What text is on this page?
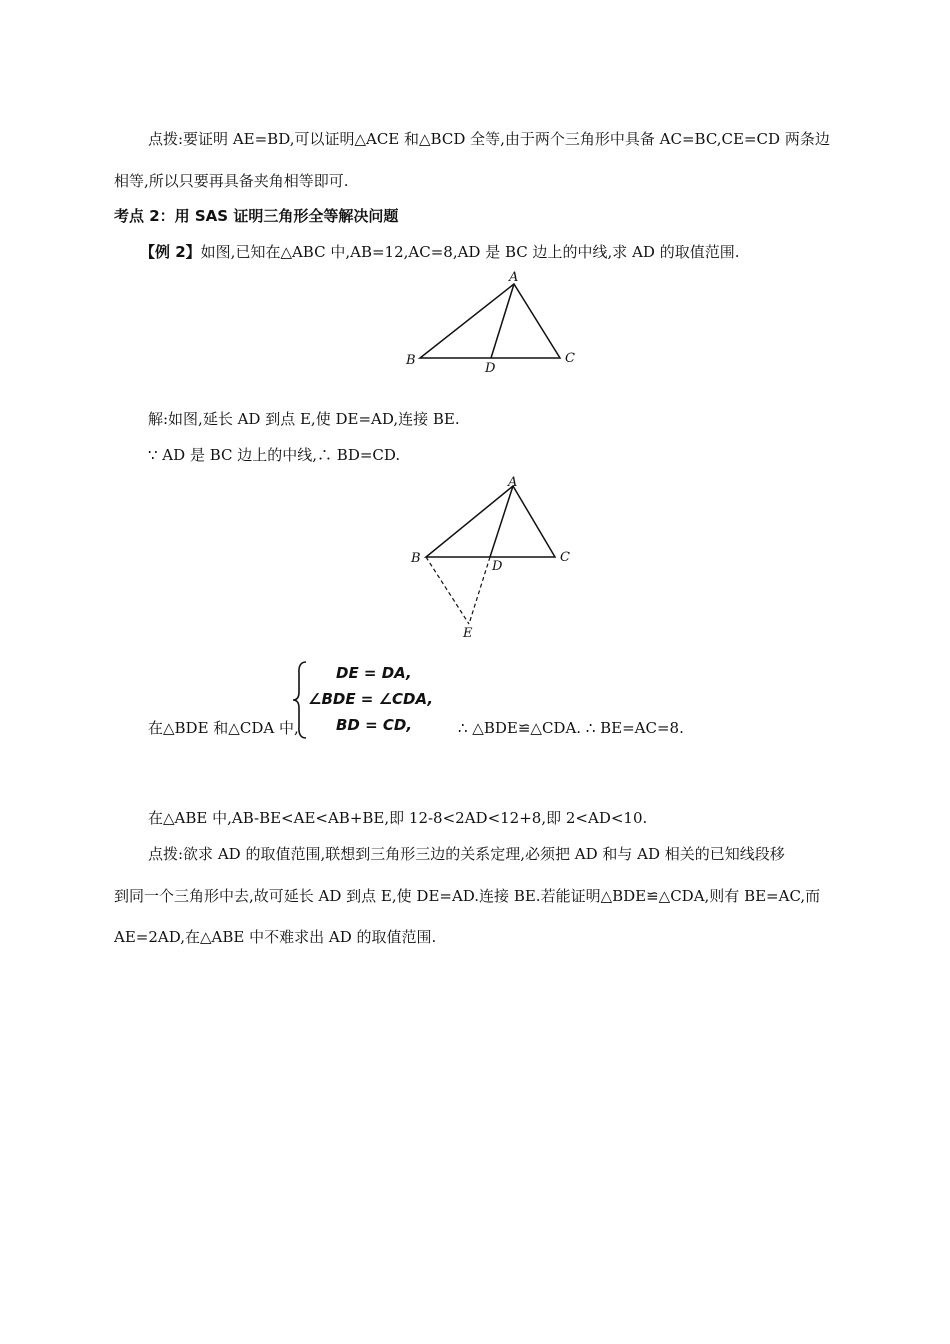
点拨:要证明 AE=BD,可以证明△ACE 和△BCD 全等,由于两个三角形中具备 AC=BC,CE=CD 两条边
相等,所以只要再具备夹角相等即可.
考点 2：用 SAS 证明三角形全等解决问题
【例 2】如图,已知在△ABC 中,AB=12,AC=8,AD 是 BC 边上的中线,求 AD 的取值范围.
A
B	C
D
解:如图,延长 AD 到点 E,使 DE=AD,连接 BE.
∵ AD 是 BC 边上的中线,∴ BD=CD.
A
B	C
D
E
在△BDE 和△CDA 中,
DE = DA,
∠BDE = ∠CDA,
BD = CD,	∴ △BDE≌△CDA. ∴ BE=AC=8.
在△ABE 中,AB-BE<AE<AB+BE,即 12-8<2AD<12+8,即 2<AD<10.
点拨:欲求 AD 的取值范围,联想到三角形三边的关系定理,必须把 AD 和与 AD 相关的已知线段移
到同一个三角形中去,故可延长 AD 到点 E,使 DE=AD.连接 BE.若能证明△BDE≌△CDA,则有 BE=AC,而
AE=2AD,在△ABE 中不难求出 AD 的取值范围.
